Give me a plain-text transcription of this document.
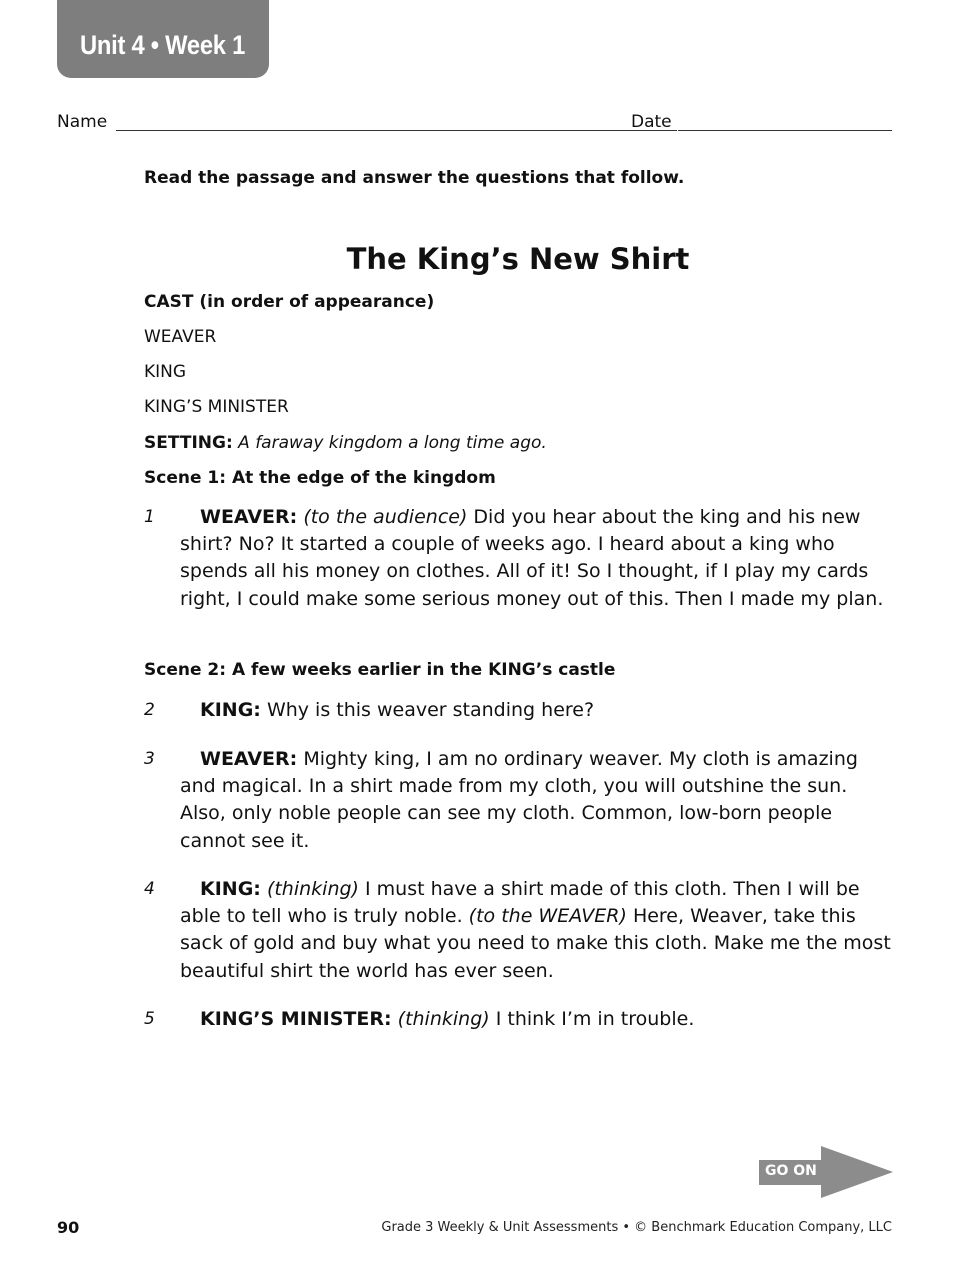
Unit 4 • Week 1
Name	Date
Read the passage and answer the questions that follow.
The King’s New Shirt
CAST (in order of appearance)
WEAVER
KING
KING’S MINISTER
SETTING: A faraway kingdom a long time ago.
Scene 1: At the edge of the kingdom
1	WEAVER: (to the audience) Did you hear about the king and his new shirt? No? It started a couple of weeks ago. I heard about a king who spends all his money on clothes. All of it! So I thought, if I play my cards right, I could make some serious money out of this. Then I made my plan.
Scene 2: A few weeks earlier in the KING’s castle
2	KING: Why is this weaver standing here?
3	WEAVER: Mighty king, I am no ordinary weaver. My cloth is amazing and magical. In a shirt made from my cloth, you will outshine the sun. Also, only noble people can see my cloth. Common, low-born people cannot see it.
4	KING: (thinking) I must have a shirt made of this cloth. Then I will be able to tell who is truly noble. (to the WEAVER) Here, Weaver, take this sack of gold and buy what you need to make this cloth. Make me the most beautiful shirt the world has ever seen.
5	KING’S MINISTER: (thinking) I think I’m in trouble.
GO ON
90	Grade 3 Weekly & Unit Assessments • © Benchmark Education Company, LLC
